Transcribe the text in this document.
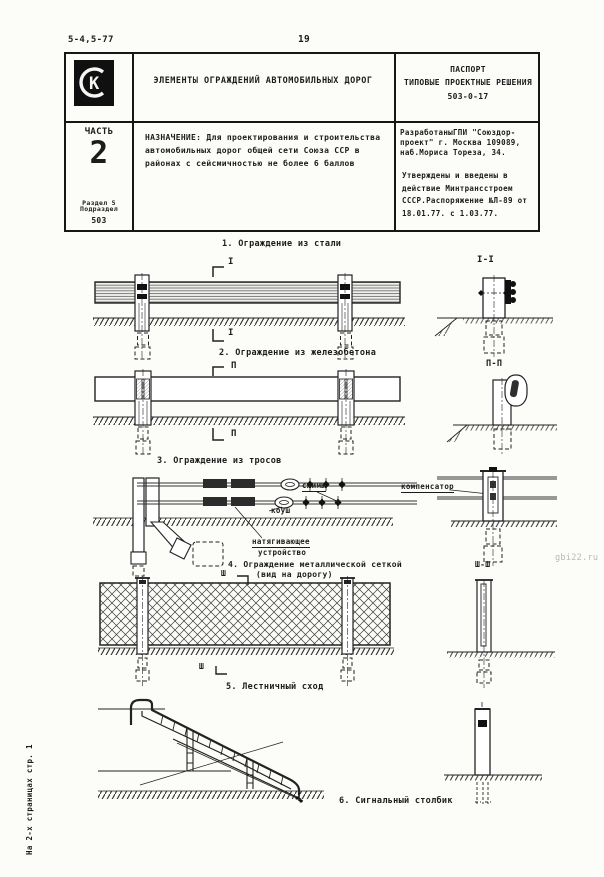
5-4,5-77	19
К
ЧАСТЬ
2
Раздел 5
Подраздел
503
ЭЛЕМЕНТЫ ОГРАЖДЕНИЙ АВТОМОБИЛЬНЫХ ДОРОГ
НАЗНАЧЕНИЕ: Для проектирования и строительства автомобильных дорог общей сети Союза ССР в районах с сейсмичностью не более 6 баллов
ПАСПОРТ
ТИПОВЫЕ ПРОЕКТНЫЕ РЕШЕНИЯ
503-0-17
РазработаныГПИ "Союздор-проект" г. Москва 109089, наб.Мориса Тореза, 34.
Утверждены и введены в действие Минтрансстроем СССР.Распоряжение №Л-89 от 18.01.77. с 1.03.77.
1. Ограждение из стали
I
I
I-I
2. Ограждение из железобетона
П
П
П-П
3. Ограждение из тросов
сжимы
коуш
натягивающее
устройство
компенсатор
Ш
4. Ограждение металлической сеткой
(вид на дорогу)
Ш-Ш
Ш
5. Лестничный сход
6. Сигнальный столбик
На 2-х страницах стр. 1
gbi22.ru
